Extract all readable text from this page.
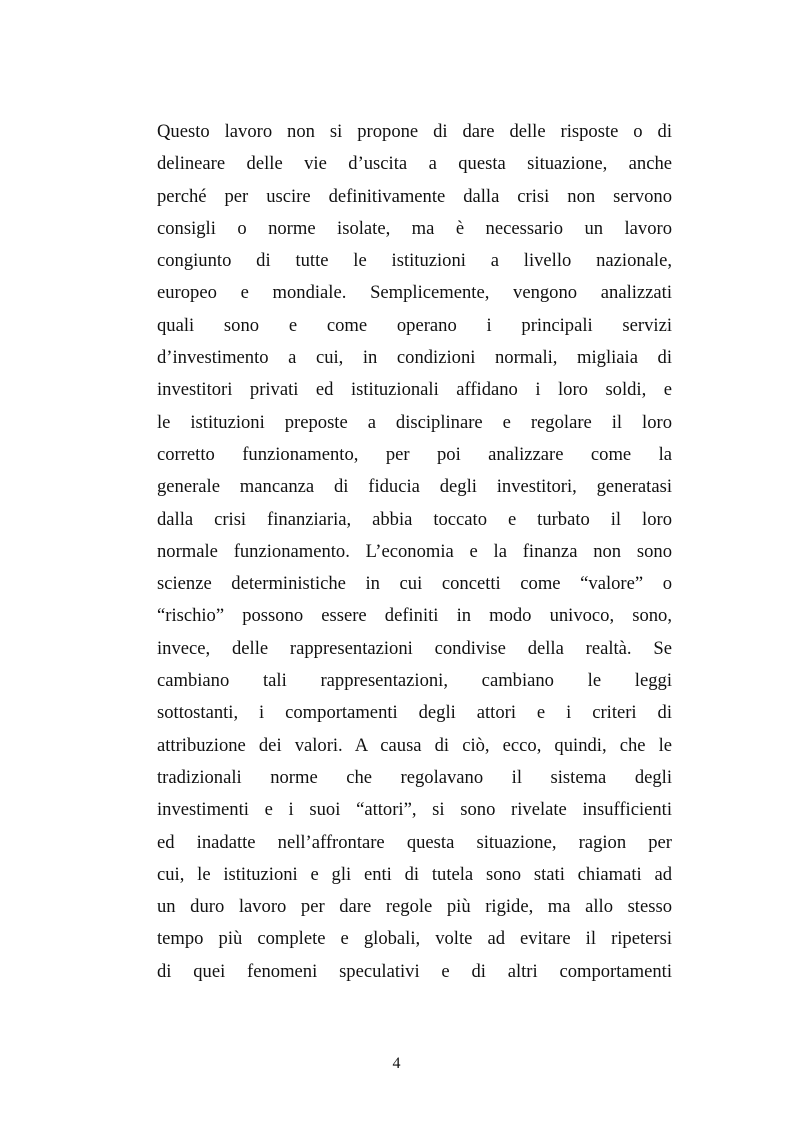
Questo lavoro non si propone di dare delle risposte o di
delineare delle vie d’uscita a questa situazione, anche
perché per uscire definitivamente dalla crisi non servono
consigli o norme isolate, ma è necessario un lavoro
congiunto di tutte le istituzioni a livello nazionale,
europeo e mondiale. Semplicemente, vengono analizzati
quali sono e come operano i principali servizi
d’investimento a cui, in condizioni normali, migliaia di
investitori privati ed istituzionali affidano i loro soldi, e
le istituzioni preposte a disciplinare e regolare il loro
corretto funzionamento, per poi analizzare come la
generale mancanza di fiducia degli investitori, generatasi
dalla crisi finanziaria, abbia toccato e turbato il loro
normale funzionamento. L’economia e la finanza non sono
scienze deterministiche in cui concetti come “valore” o
“rischio” possono essere definiti in modo univoco, sono,
invece, delle rappresentazioni condivise della realtà. Se
cambiano tali rappresentazioni, cambiano le leggi
sottostanti, i comportamenti degli attori e i criteri di
attribuzione dei valori. A causa di ciò, ecco, quindi, che le
tradizionali norme che regolavano il sistema degli
investimenti e i suoi “attori”, si sono rivelate insufficienti
ed inadatte nell’affrontare questa situazione, ragion per
cui, le istituzioni e gli enti di tutela sono stati chiamati ad
un duro lavoro per dare regole più rigide, ma allo stesso
tempo più complete e globali, volte ad evitare il ripetersi
di quei fenomeni speculativi e di altri comportamenti
4
